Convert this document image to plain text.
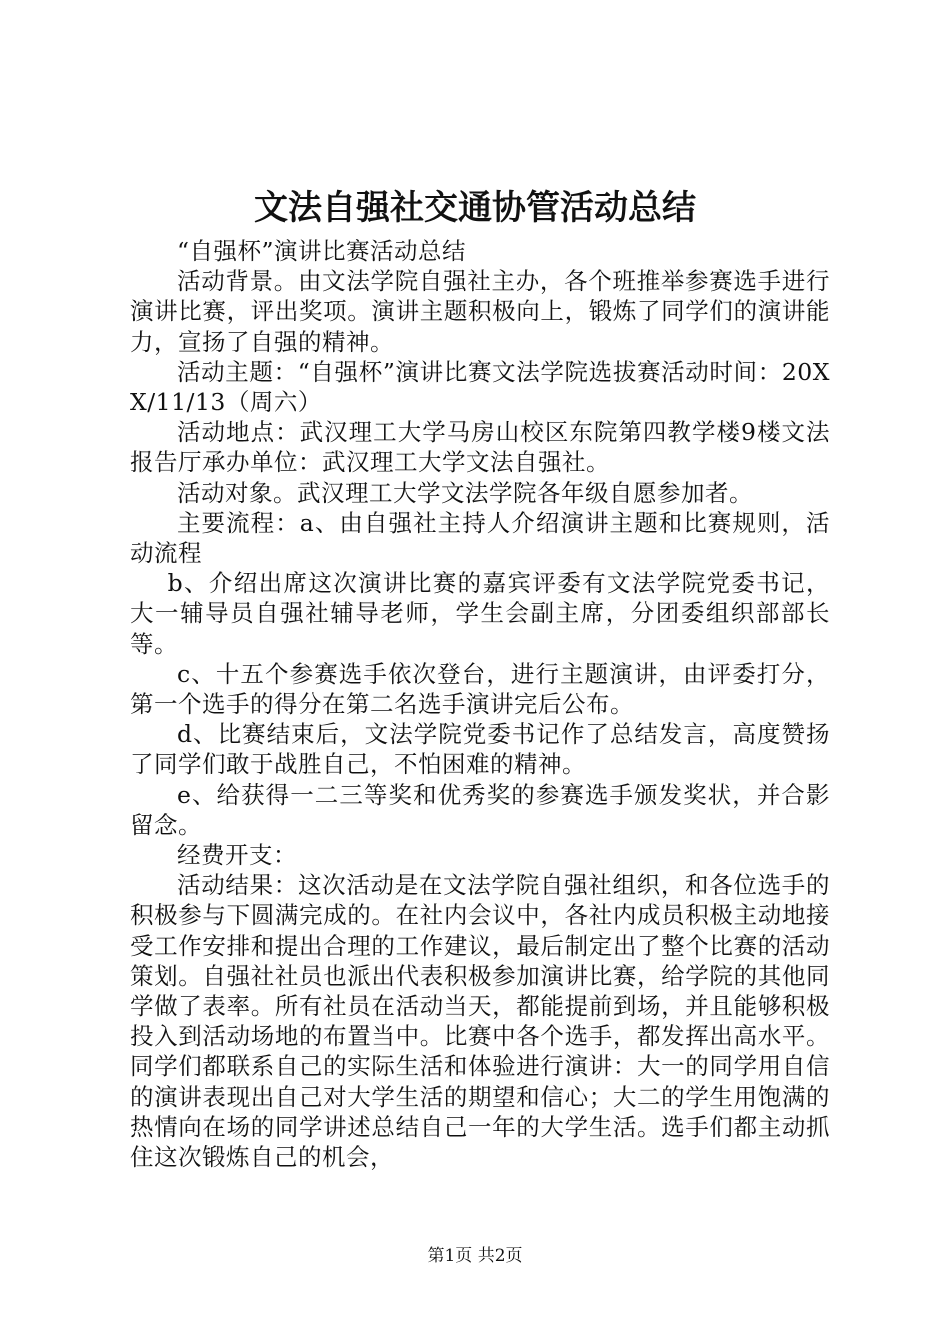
文法自强社交通协管活动总结

“自强杯”演讲比赛活动总结

活动背景。由文法学院自强社主办，各个班推举参赛选手进行演讲比赛，评出奖项。演讲主题积极向上，锻炼了同学们的演讲能力，宣扬了自强的精神。

活动主题：“自强杯”演讲比赛文法学院选拔赛活动时间：20XX/11/13（周六）

活动地点：武汉理工大学马房山校区东院第四教学楼9楼文法报告厅承办单位：武汉理工大学文法自强社。

活动对象。武汉理工大学文法学院各年级自愿参加者。

主要流程：a、由自强社主持人介绍演讲主题和比赛规则，活动流程

b、介绍出席这次演讲比赛的嘉宾评委有文法学院党委书记，大一辅导员自强社辅导老师，学生会副主席，分团委组织部部长等。

c、十五个参赛选手依次登台，进行主题演讲，由评委打分，第一个选手的得分在第二名选手演讲完后公布。

d、比赛结束后，文法学院党委书记作了总结发言，高度赞扬了同学们敢于战胜自己，不怕困难的精神。

e、给获得一二三等奖和优秀奖的参赛选手颁发奖状，并合影留念。

经费开支：

活动结果：这次活动是在文法学院自强社组织，和各位选手的积极参与下圆满完成的。在社内会议中，各社内成员积极主动地接受工作安排和提出合理的工作建议，最后制定出了整个比赛的活动策划。自强社社员也派出代表积极参加演讲比赛，给学院的其他同学做了表率。所有社员在活动当天，都能提前到场，并且能够积极投入到活动场地的布置当中。比赛中各个选手，都发挥出高水平。同学们都联系自己的实际生活和体验进行演讲：大一的同学用自信的演讲表现出自己对大学生活的期望和信心；大二的学生用饱满的热情向在场的同学讲述总结自己一年的大学生活。选手们都主动抓住这次锻炼自己的机会，

第1页 共2页
